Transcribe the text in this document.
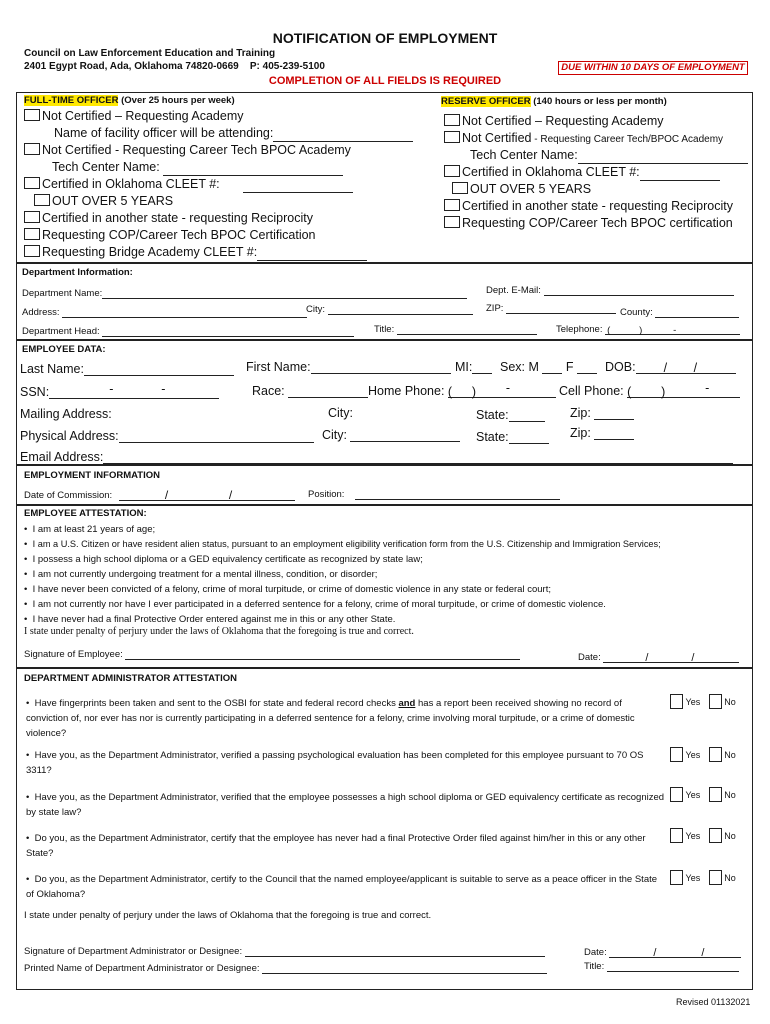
NOTIFICATION OF EMPLOYMENT
Council on Law Enforcement Education and Training
2401 Egypt Road, Ada, Oklahoma 74820-0669 P: 405-239-5100	DUE WITHIN 10 DAYS OF EMPLOYMENT
COMPLETION OF ALL FIELDS IS REQUIRED
FULL-TIME OFFICER (Over 25 hours per week)	RESERVE OFFICER (140 hours or less per month)
Not Certified – Requesting Academy
Name of facility officer will be attending:
Not Certified - Requesting Career Tech BPOC Academy
Tech Center Name:
Certified in Oklahoma CLEET #:
OUT OVER 5 YEARS
Certified in another state - requesting Reciprocity
Requesting COP/Career Tech BPOC Certification
Requesting Bridge Academy CLEET #:
Not Certified – Requesting Academy
Not Certified - Requesting Career Tech/BPOC Academy
Tech Center Name:
Certified in Oklahoma CLEET #:
OUT OVER 5 YEARS
Certified in another state - requesting Reciprocity
Requesting COP/Career Tech BPOC certification
Department Information:
Department Name:	Dept. E-Mail:
Address:	City:	ZIP:	County:
Department Head:	Title:	Telephone: (	)	-
EMPLOYEE DATA:
Last Name:	First Name:	MI:	Sex: M F	DOB: / /
SSN:	-	-	Race:	Home Phone: ( ) -	Cell Phone: ( )	-
Mailing Address:	City:	State:	Zip:
Physical Address:	City:	State:	Zip:
Email Address:
EMPLOYMENT INFORMATION
Date of Commission:	/	/	Position:
EMPLOYEE ATTESTATION:
•  I am at least 21 years of age;
•  I am a U.S. Citizen or have resident alien status, pursuant to an employment eligibility verification form from the U.S. Citizenship and Immigration Services;
•  I possess a high school diploma or a GED equivalency certificate as recognized by state law;
•  I am not currently undergoing treatment for a mental illness, condition, or disorder;
•  I have never been convicted of a felony, crime of moral turpitude, or crime of domestic violence in any state or federal court;
•  I am not currently nor have I ever participated in a deferred sentence for a felony, crime of moral turpitude, or crime of domestic violence.
•  I have never had a final Protective Order entered against me in this or any other State.
I state under penalty of perjury under the laws of Oklahoma that the foregoing is true and correct.
Signature of Employee:	Date:	/	/
DEPARTMENT ADMINISTRATOR ATTESTATION
•  Have fingerprints been taken and sent to the OSBI for state and federal record checks and has a report been received showing no record of conviction of, nor ever has nor is currently participating in a deferred sentence for a felony, crime involving moral turpitude, or a crime of domestic violence?
Yes	No
•  Have you, as the Department Administrator, verified a passing psychological evaluation has been completed for this employee pursuant to 70 OS 3311?
Yes	No
•  Have you, as the Department Administrator, verified that the employee possesses a high school diploma or GED equivalency certificate as recognized by state law?
Yes	No
•  Do you, as the Department Administrator, certify that the employee has never had a final Protective Order filed against him/her in this or any other State?
Yes	No
•  Do you, as the Department Administrator, certify to the Council that the named employee/applicant is suitable to serve as a peace officer in the State of Oklahoma?
Yes	No
I state under penalty of perjury under the laws of Oklahoma that the foregoing is true and correct.
Signature of Department Administrator or Designee:
Printed Name of Department Administrator or Designee:
Date:	/	/
Title:
Revised 01132021
